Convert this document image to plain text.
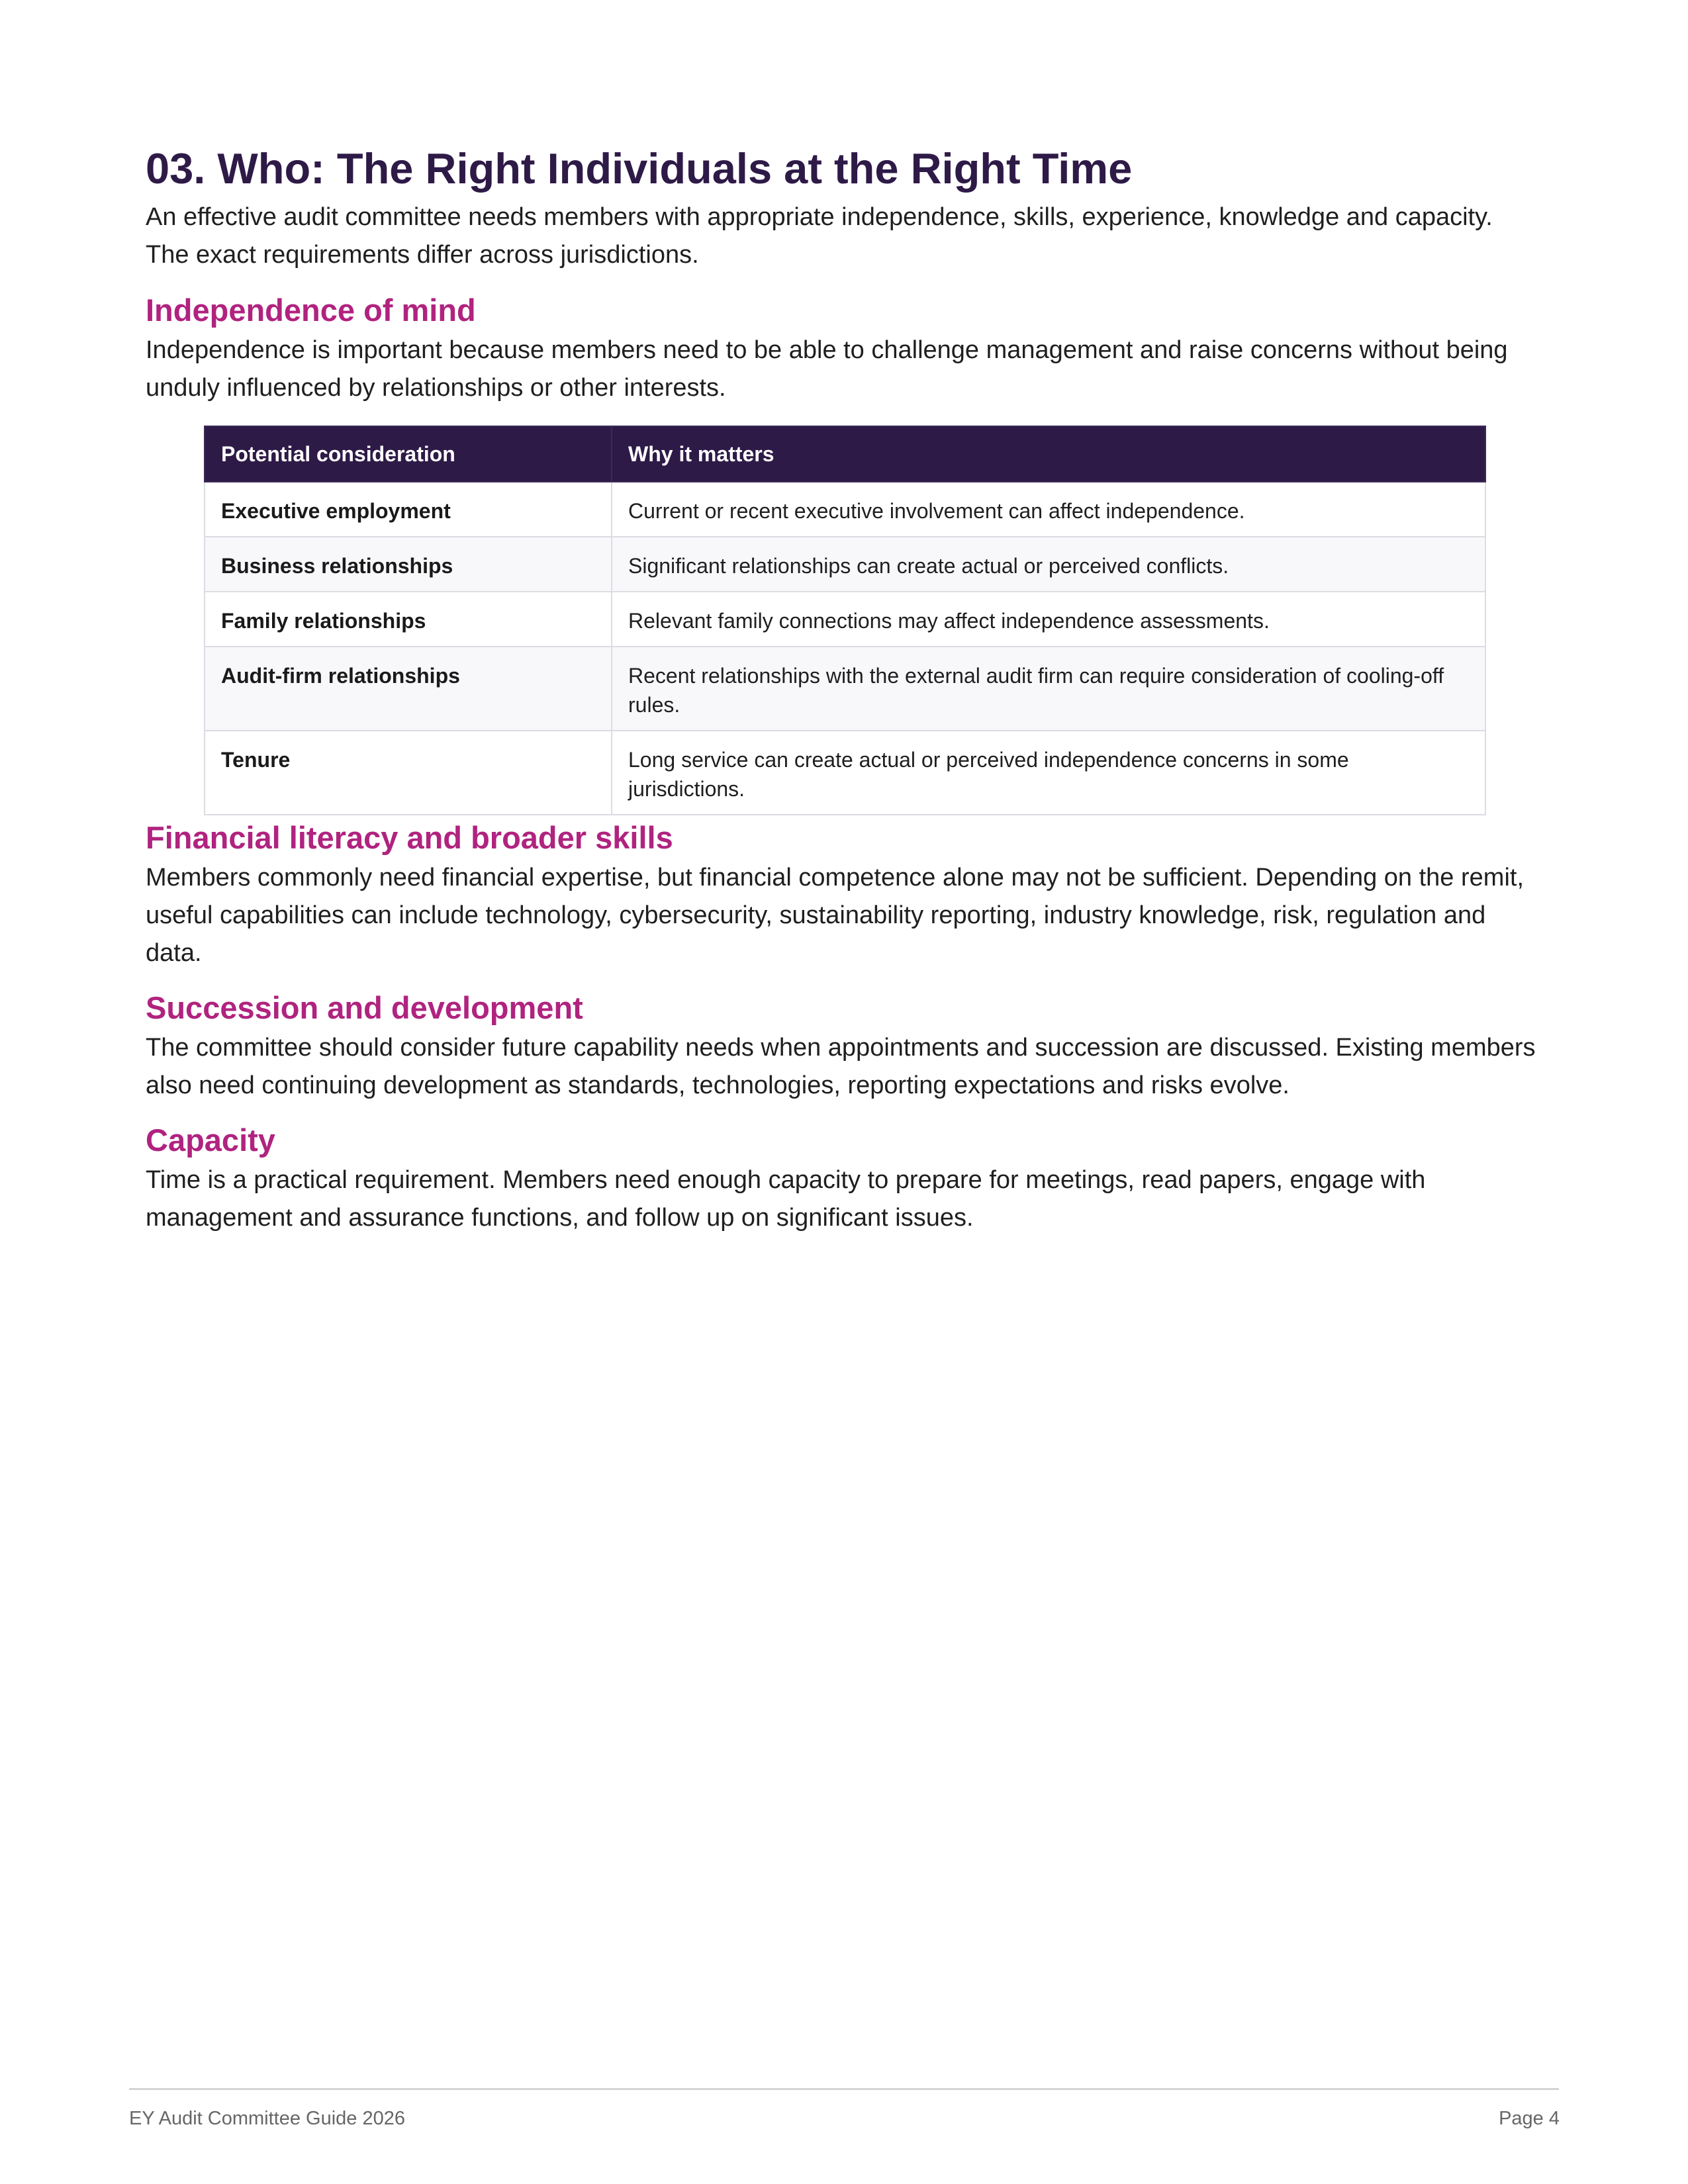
03. Who: The Right Individuals at the Right Time

An effective audit committee needs members with appropriate independence, skills, experience, knowledge and capacity. The exact requirements differ across jurisdictions.

Independence of mind

Independence is important because members need to be able to challenge management and raise concerns without being unduly influenced by relationships or other interests.

Potential consideration	Why it matters
Executive employment	Current or recent executive involvement can affect independence.
Business relationships	Significant relationships can create actual or perceived conflicts.
Family relationships	Relevant family connections may affect independence assessments.
Audit-firm relationships	Recent relationships with the external audit firm can require consideration of cooling-off rules.
Tenure	Long service can create actual or perceived independence concerns in some jurisdictions.
Financial literacy and broader skills

Members commonly need financial expertise, but financial competence alone may not be sufficient. Depending on the remit, useful capabilities can include technology, cybersecurity, sustainability reporting, industry knowledge, risk, regulation and data.

Succession and development

The committee should consider future capability needs when appointments and succession are discussed. Existing members also need continuing development as standards, technologies, reporting expectations and risks evolve.

Capacity

Time is a practical requirement. Members need enough capacity to prepare for meetings, read papers, engage with management and assurance functions, and follow up on significant issues.

EY Audit Committee Guide 2026	Page 4
